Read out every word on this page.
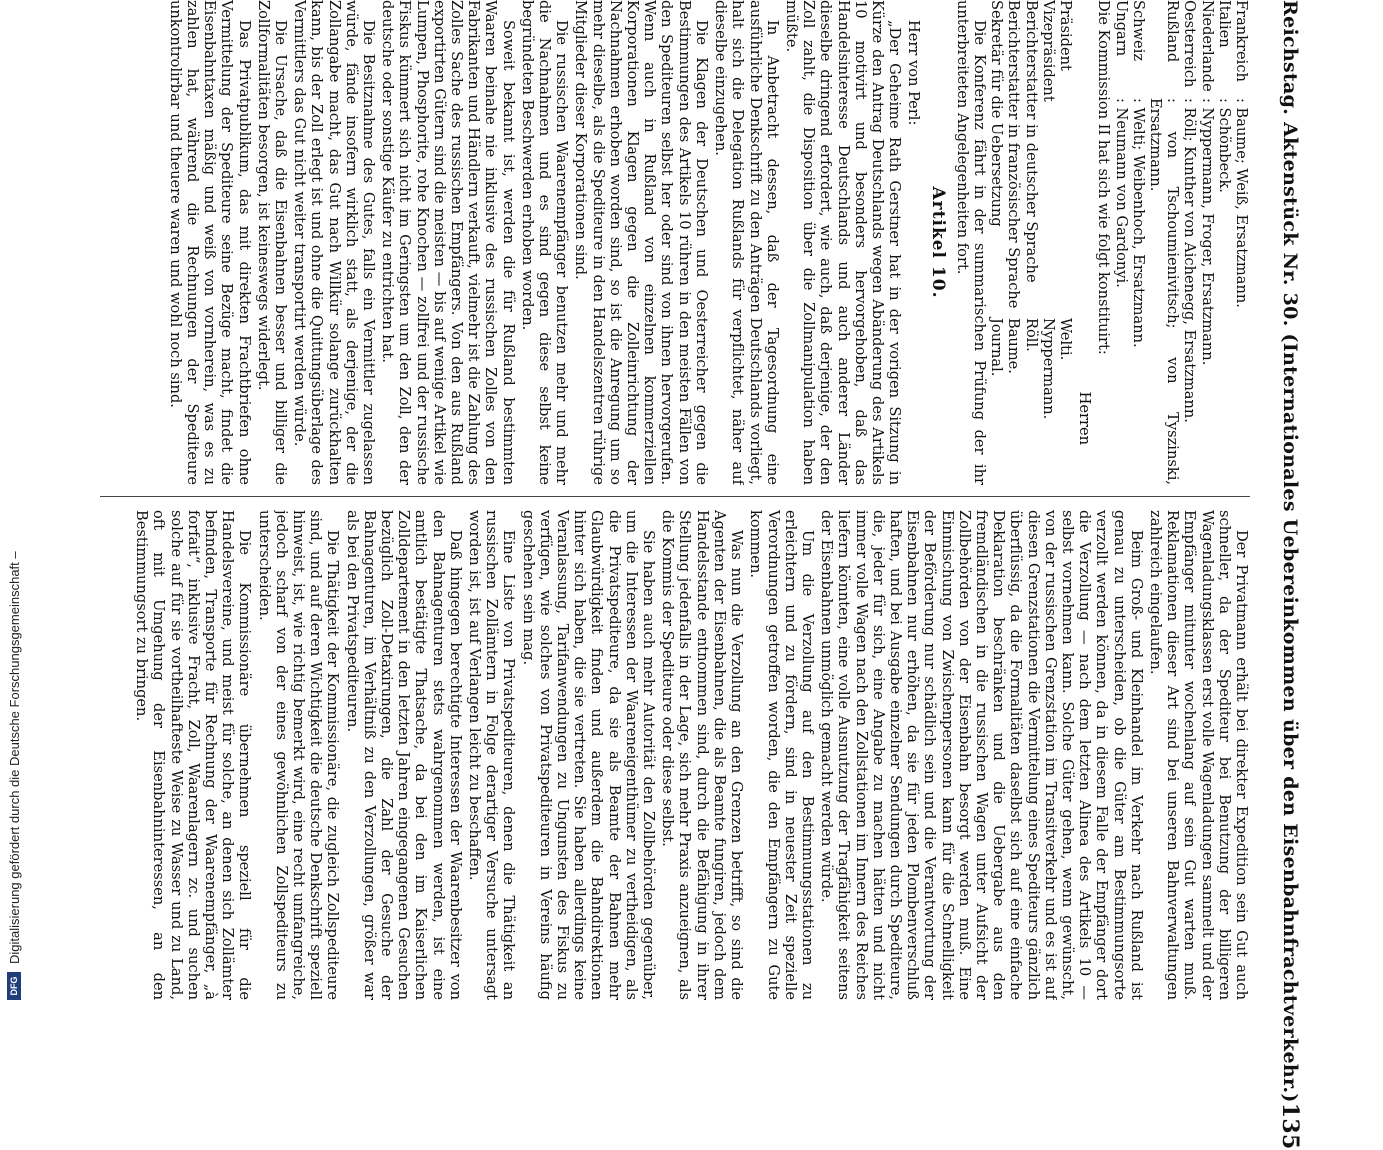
DFG
Digitalisierung gefördert durch die Deutsche Forschungsgemeinschaft –	Reichstag. Aktenstück Nr. 30. (Internationales Uebereinkommen über den Eisenbahnfrachtverkehr.)
135
Frankreich
: Baume; Weiß, Ersatzmann.
Italien
: Schönbeck.
Niederlande
: Nyppermann, Froger, Ersatzmann.
Oesterreich
: Röll; Kunther von Aichenegg, Ersatzmann.
Rußland
: von Tschoumienivitsch; von Tyszinski, Ersatzmann.
Schweiz
: Welti; Weibenhoch, Ersatzmann.
Ungarn
: Neumann von Gardonyi.

Die Kommission II hat sich wie folgt konstituirt:

Herren
Präsident
Welti.
Vizepräsident
Nyppermann.
Berichterstatter in deutscher Sprache
Röll.
Berichterstatter in französischer Sprache
Baume.
Sekretär für die Uebersetzung
Journal.

Die Konferenz fährt in der summarischen Prüfung der ihr unterbreiteten Angelegenheiten fort.

Artikel 10.

Herr von Perl:

„Der Geheime Rath Gerstner hat in der vorigen Sitzung in Kürze den Antrag Deutschlands wegen Abänderung des Artikels 10 motivirt und besonders hervorgehoben, daß das Handelsinteresse Deutschlands und auch anderer Länder dieselbe dringend erfordert, wie auch, daß derjenige, der den Zoll zahlt, die Disposition über die Zollmanipulation haben müßte.

In Anbetracht dessen, daß der Tagesordnung eine ausführliche Denkschrift zu den Anträgen Deutschlands vorliegt, halt sich die Delegation Rußlands für verpflichtet, näher auf dieselbe einzugehen.

Die Klagen der Deutschen und Oesterreicher gegen die Bestimmungen des Artikels 10 rühren in den meisten Fällen von den Spediteuren selbst her oder sind von ihnen hervorgerufen. Wenn auch in Rußland von einzelnen kommerziellen Korporationen Klagen gegen die Zolleinrichtung der Nachnahmen erhoben worden sind, so ist die Anregung um so mehr dieselbe, als die Spediteure in den Handelszentren rührige Mitglieder dieser Korporationen sind.

Die russischen Waarenempfänger benutzen mehr und mehr die Nachnahmen und es sind gegen diese selbst keine begründeten Beschwerden erhoben worden.

Soweit bekannt ist, werden die für Rußland bestimmten Waaren beinahe nie inklusive des russischen Zolles von den Fabrikanten und Händlern verkauft, vielmehr ist die Zahlung des Zolles Sache des russischen Empfängers. Von den aus Rußland exportirten Gütern sind die meisten — bis auf wenige Artikel wie Lumpen, Phosphorite, rohe Knochen — zollfrei und der russische Fiskus kümmert sich nicht im Geringsten um den Zoll, den der deutsche oder sonstige Käufer zu entrichten hat.

Die Besitznahme des Gutes, falls ein Vermittler zugelassen würde, fände insofern wirklich statt, als derjenige, der die Zollangabe macht, das Gut nach Willkür solange zurückhalten kann, bis der Zoll erlegt ist und ohne die Quittungsüberlage des Vermittlers das Gut nicht weiter transportirt werden würde.

Die Ursache, daß die Eisenbahnen besser und billiger die Zollformalitäten besorgen, ist keineswegs widerlegt.

Das Privatpublikum, das mit direkten Frachtbriefen ohne Vermittelung der Spediteure seine Bezüge macht, findet die Eisenbahntaxen mäßig und weiß von vornherein, was es zu zahlen hat, während die Rechnungen der Spediteure unkontrolirbar und theuere waren und wohl noch sind.

Der Privatmann erhält bei direkter Expedition sein Gut auch schneller, da der Spediteur bei Benutzung der billigeren Wagenladungsklassen erst volle Wagenladungen sammelt und der Empfänger mitunter wochenlang auf sein Gut warten muß. Reklamationen dieser Art sind bei unseren Bahnverwaltungen zahlreich eingelaufen.

Beim Groß- und Kleinhandel im Verkehr nach Rußland ist genau zu unterscheiden, ob die Güter am Bestimmungsorte verzollt werden können, da in diesem Falle der Empfänger dort die Verzollung — nach dem letzten Alinea des Artikels 10 — selbst vornehmen kann. Solche Güter gehen, wenn gewünscht, von der russischen Grenzstation im Transitverkehr und es ist auf diesen Grenzstationen die Vermittelung eines Spediteurs gänzlich überflüssig, da die Formalitäten daselbst sich auf eine einfache Deklaration beschränken und die Uebergabe aus den fremdländischen in die russischen Wagen unter Aufsicht der Zollbehörden von der Eisenbahn besorgt werden muß. Eine Einmischung von Zwischenpersonen kann für die Schnelligkeit der Beförderung nur schädlich sein und die Verantwortung der Eisenbahnen nur erhöhen, da sie für jeden Plombenverschluß haften, und bei Ausgabe einzelner Sendungen durch Spediteure, die, jeder für sich, eine Angabe zu machen hätten und nicht immer volle Wagen nach den Zollstationen im Innern des Reiches liefern könnten, eine volle Ausnutzung der Tragfähigkeit seitens der Eisenbahnen unmöglich gemacht werden würde.

Um die Verzollung auf den Bestimmungsstationen zu erleichtern und zu fördern, sind in neuester Zeit spezielle Verordnungen getroffen worden, die den Empfängern zu Gute kommen.

Was nun die Verzollung an den Grenzen betrifft, so sind die Agenten der Eisenbahnen, die als Beamte fungiren, jedoch dem Handelsstande entnommen sind, durch die Befähigung in ihrer Stellung jedenfalls in der Lage, sich mehr Praxis anzueignen, als die Kommis der Spediteure oder diese selbst.

Sie haben auch mehr Autorität den Zollbehörden gegenüber, um die Interessen der Waareneigenthümer zu vertheidigen, als die Privatspediteure, da sie als Beamte der Bahnen mehr Glaubwürdigkeit finden und außerdem die Bahndirektionen hinter sich haben, die sie vertreten. Sie haben allerdings keine Veranlassung, Tarifanwendungen zu Ungunsten des Fiskus zu verfügen, wie solches von Privatspediteuren in Vereins häufig geschehen sein mag.

Eine Liste von Privatspediteuren, denen die Thätigkeit an russischen Zollämtern in Folge derartiger Versuche untersagt worden ist, ist auf Verlangen leicht zu beschaffen.

Daß hingegen berechtigte Interessen der Waarenbesitzer von den Bahnagenturen stets wahrgenommen werden, ist eine amtlich bestätigte Thatsache, da bei den im Kaiserlichen Zolldepartement in den letzten Jahren eingegangenen Gesuchen bezüglich Zoll-Detaxirungen, die Zahl der Gesuche der Bahnagenturen, im Verhältniß zu den Verzollungen, größer war als bei den Privatspediteuren.

Die Thätigkeit der Kommissionäre, die zugleich Zollspediteure sind, und auf deren Wichtigkeit die deutsche Denkschrift speziell hinweist, ist, wie richtig bemerkt wird, eine recht umfangreiche, jedoch scharf von der eines gewöhnlichen Zollspediteurs zu unterscheiden.

Die Kommissionäre übernehmen speziell für die Handelsvereine, und meist für solche, an denen sich Zollämter befinden, Transporte für Rechnung der Waarenempfänger, „à forfait“, inklusive Fracht, Zoll, Waarenlagern zc. und suchen solche auf für sie vortheilhafteste Weise zu Wasser und zu Land, oft mit Umgehung der Eisenbahninteressen, an den Bestimmungsort zu bringen.
